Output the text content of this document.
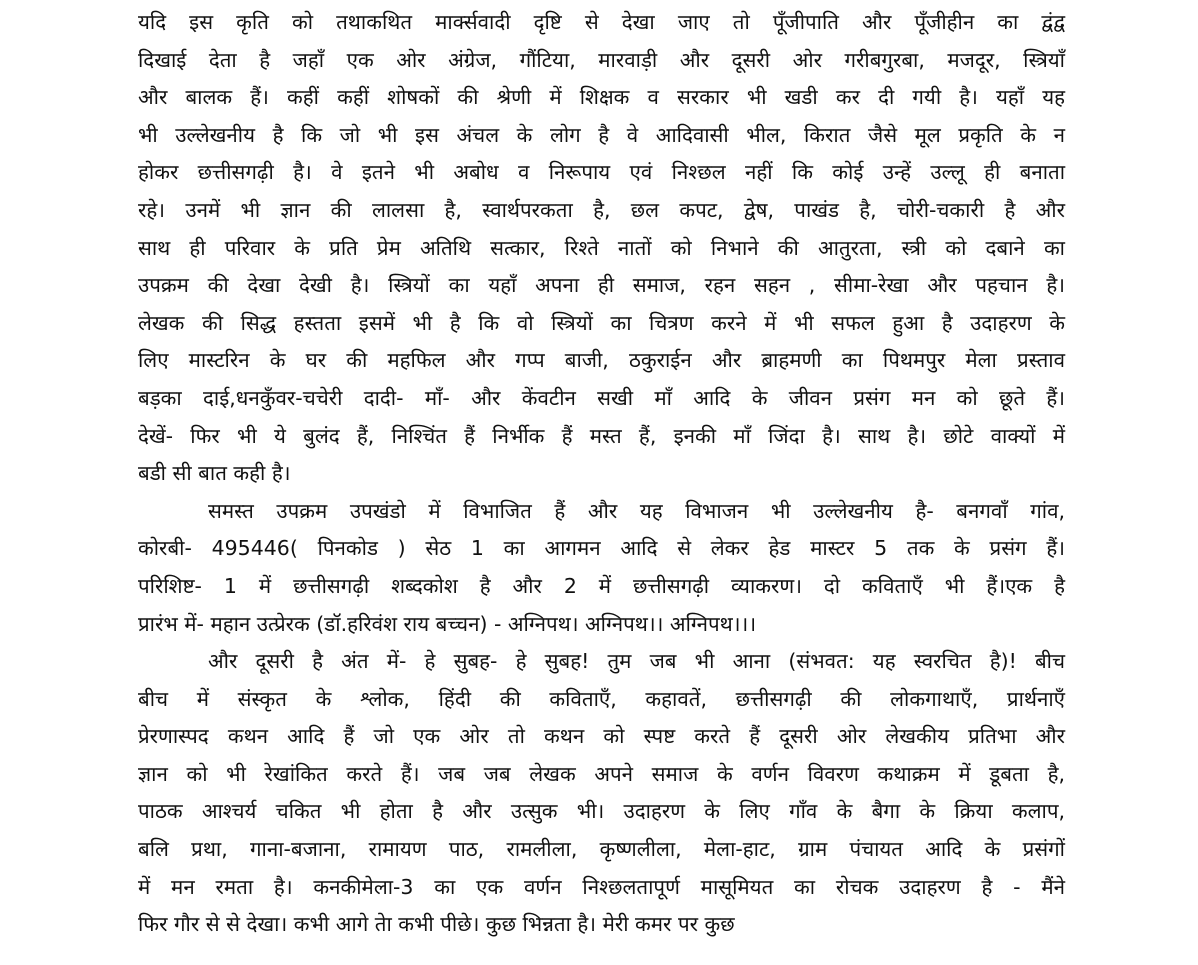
यदि इस कृति को तथाकथित मार्क्सवादी दृष्टि से देखा जाए तो पूँजीपाति और पूँजीहीन का द्वंद्व
दिखाई देता है जहाँ एक ओर अंग्रेज, गौंटिया, मारवाड़ी और दूसरी ओर गरीबगुरबा, मजदूर, स्त्रियाँ
और बालक हैं। कहीं कहीं शोषकों की श्रेणी में शिक्षक व सरकार भी खडी कर दी गयी है। यहाँ यह
भी उल्लेखनीय है कि जो भी इस अंचल के लोग है वे आदिवासी भील, किरात जैसे मूल प्रकृति के न
होकर छत्तीसगढ़ी है। वे इतने भी अबोध व निरूपाय एवं निश्छल नहीं कि कोई उन्हें उल्लू ही बनाता
रहे। उनमें भी ज्ञान की लालसा है, स्वार्थपरकता है, छल कपट, द्वेष, पाखंड है, चोरी-चकारी है और
साथ ही परिवार के प्रति प्रेम अतिथि सत्कार, रिश्ते नातों को निभाने की आतुरता, स्त्री को दबाने का
उपक्रम की देखा देखी है। स्त्रियों का यहाँ अपना ही समाज, रहन सहन , सीमा-रेखा और पहचान है।
लेखक की सिद्ध हस्तता इसमें भी है कि वो स्त्रियों का चित्रण करने में भी सफल हुआ है उदाहरण के
लिए मास्टरिन के घर की महफिल और गप्प बाजी, ठकुराईन और ब्राहमणी का पिथमपुर मेला प्रस्ताव
बड़का दाई,धनकुँवर-चचेरी दादी- माँ- और केंवटीन सखी माँ आदि के जीवन प्रसंग मन को छूते हैं।
देखें- फिर भी ये बुलंद हैं, निश्चिंत हैं निर्भीक हैं मस्त हैं, इनकी माँ जिंदा है। साथ है। छोटे वाक्यों में
बडी सी बात कही है।
समस्त उपक्रम उपखंडो में विभाजित हैं और यह विभाजन भी उल्लेखनीय है- बनगवाँ गांव,
कोरबी- 495446( पिनकोड ) सेठ 1 का आगमन आदि से लेकर हेड मास्टर 5 तक के प्रसंग हैं।
परिशिष्ट- 1 में छत्तीसगढ़ी शब्दकोश है और 2 में छत्तीसगढ़ी व्याकरण। दो कविताएँ भी हैं।एक है
प्रारंभ में- महान उत्प्रेरक (डॉ.हरिवंश राय बच्चन) - अग्निपथ। अग्निपथ।। अग्निपथ।।।
और दूसरी है अंत में- हे सुबह- हे सुबह! तुम जब भी आना (संभवत: यह स्वरचित है)! बीच
बीच में संस्कृत के श्लोक, हिंदी की कविताएँ, कहावतें, छत्तीसगढ़ी की लोकगाथाएँ, प्रार्थनाएँ
प्रेरणास्पद कथन आदि हैं जो एक ओर तो कथन को स्पष्ट करते हैं दूसरी ओर लेखकीय प्रतिभा और
ज्ञान को भी रेखांकित करते हैं। जब जब लेखक अपने समाज के वर्णन विवरण कथाक्रम में डूबता है,
पाठक आश्चर्य चकित भी होता है और उत्सुक भी। उदाहरण के लिए गाँव के बैगा के क्रिया कलाप,
बलि प्रथा, गाना-बजाना, रामायण पाठ, रामलीला, कृष्णलीला, मेला-हाट, ग्राम पंचायत आदि के प्रसंगों
में मन रमता है। कनकीमेला-3 का एक वर्णन निश्छलतापूर्ण मासूमियत का रोचक उदाहरण है - मैंने
फिर गौर से से देखा। कभी आगे तेा कभी पीछे। कुछ भिन्नता है। मेरी कमर पर कुछ
